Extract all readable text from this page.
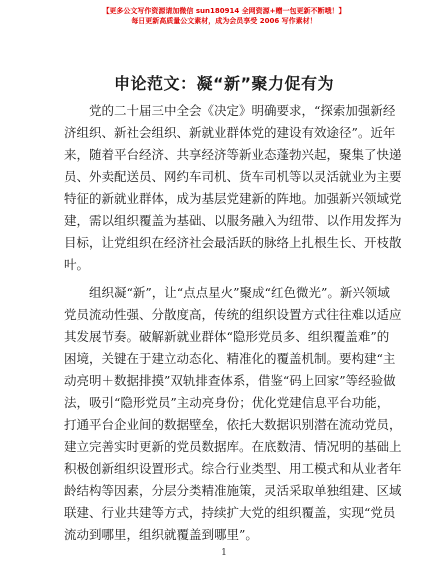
【更多公文写作资源请加微信 sun180914 全网资源+赠一包更新不断哦！】
每日更新高质量公文素材，成为会员享受 2006 写作素材！
申论范文：凝“新”聚力促有为
党的二十届三中全会《决定》明确要求，“探索加强新经
济组织、新社会组织、新就业群体党的建设有效途径”。近年
来，随着平台经济、共享经济等新业态蓬勃兴起，聚集了快递
员、外卖配送员、网约车司机、货车司机等以灵活就业为主要
特征的新就业群体，成为基层党建新的阵地。加强新兴领域党
建，需以组织覆盖为基础、以服务融入为纽带、以作用发挥为
目标，让党组织在经济社会最活跃的脉络上扎根生长、开枝散
叶。
组织凝“新”，让“点点星火”聚成“红色微光”。新兴领域
党员流动性强、分散度高，传统的组织设置方式往往难以适应
其发展节奏。破解新就业群体“隐形党员多、组织覆盖难”的
困境，关键在于建立动态化、精准化的覆盖机制。要构建“主
动亮明＋数据排摸”双轨排查体系，借鉴“码上回家”等经验做
法，吸引“隐形党员”主动亮身份；优化党建信息平台功能，
打通平台企业间的数据壁垒，依托大数据识别潜在流动党员，
建立完善实时更新的党员数据库。在底数清、情况明的基础上
积极创新组织设置形式。综合行业类型、用工模式和从业者年
龄结构等因素，分层分类精准施策，灵活采取单独组建、区域
联建、行业共建等方式，持续扩大党的组织覆盖，实现“党员
流动到哪里，组织就覆盖到哪里”。
1
